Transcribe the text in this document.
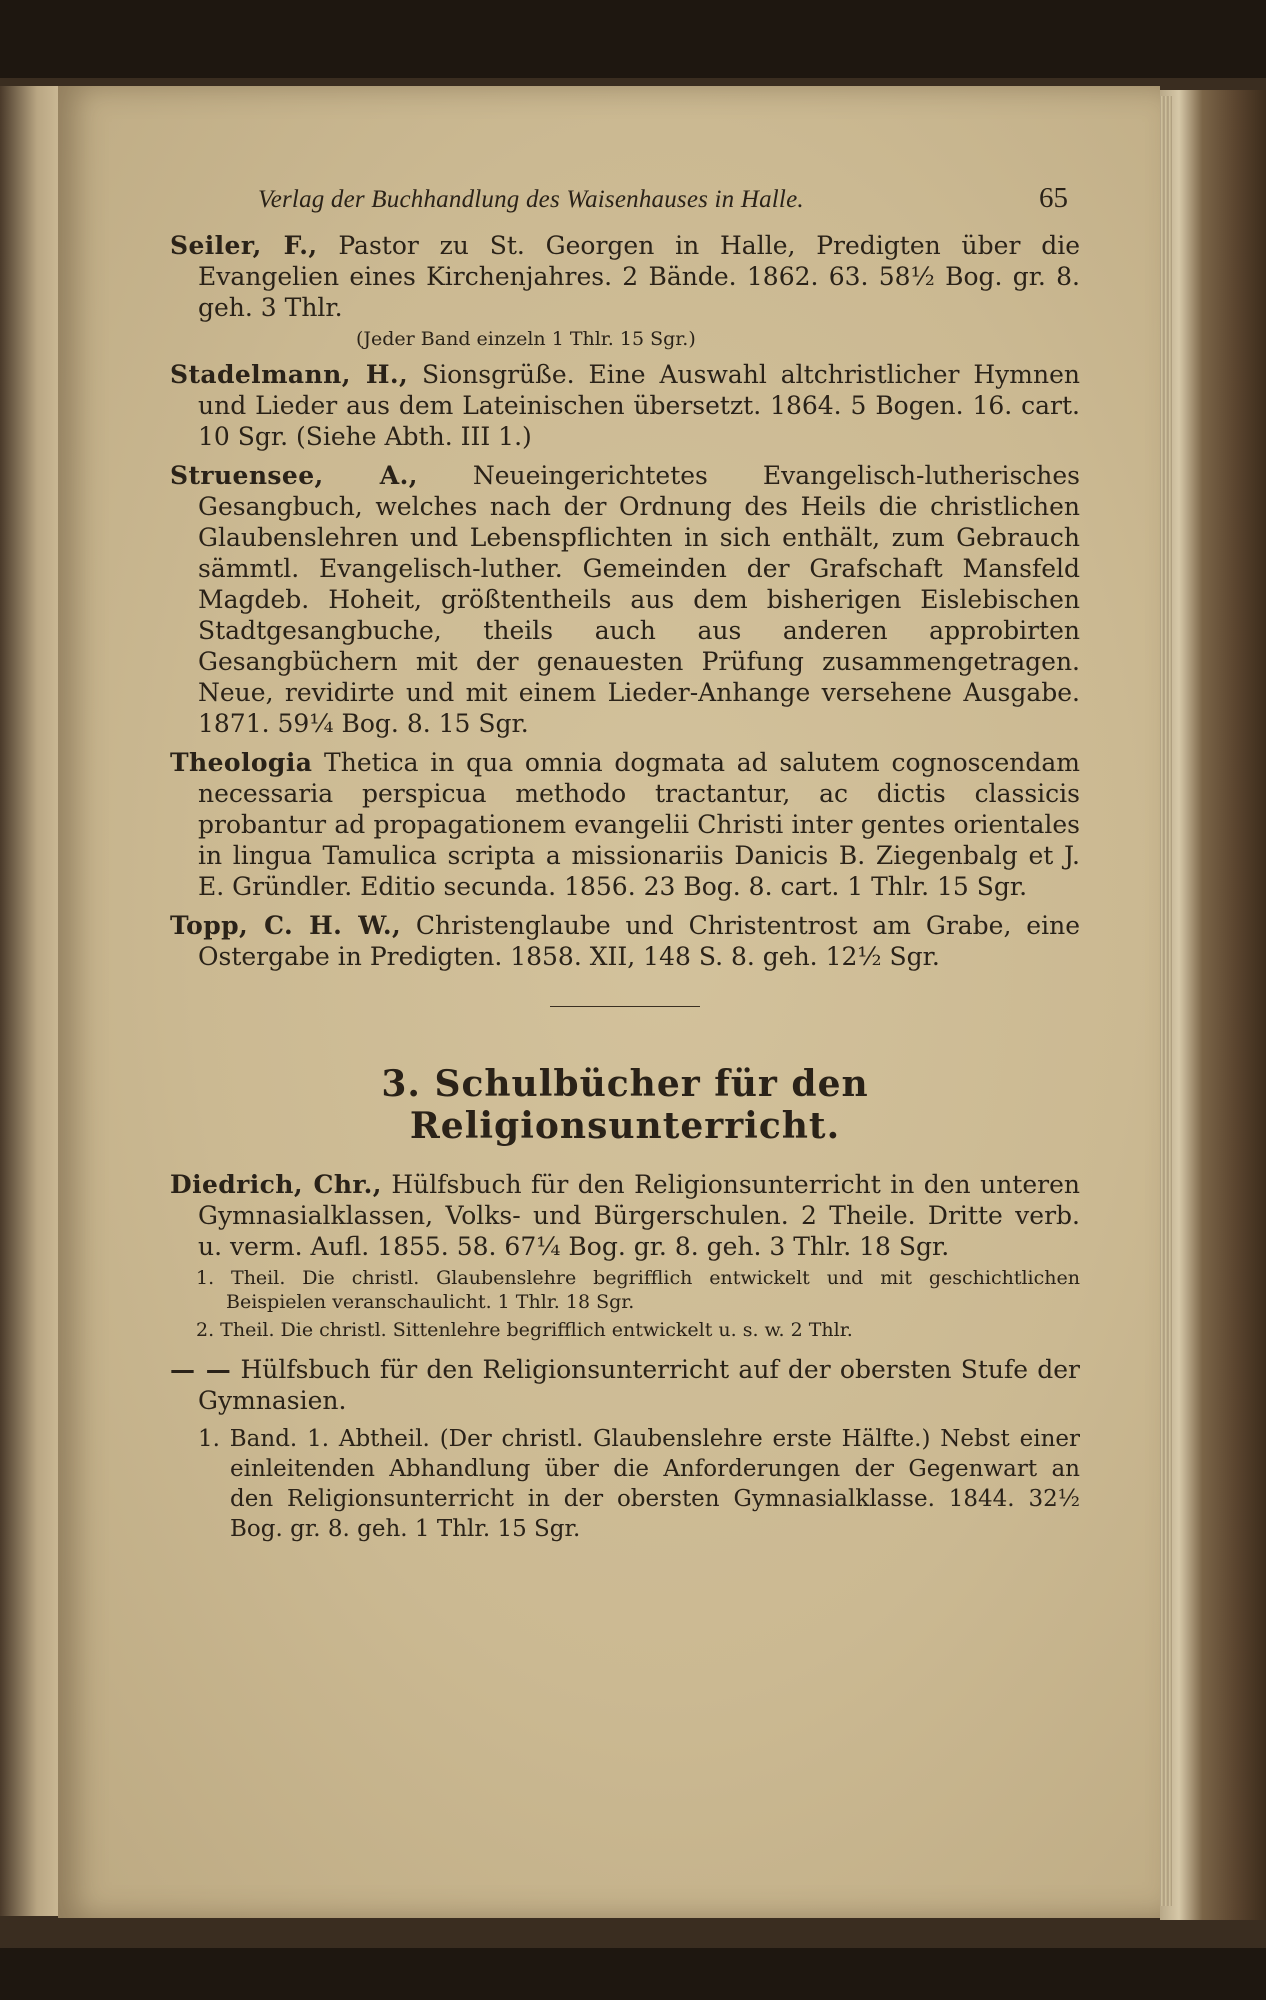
Verlag der Buchhandlung des Waisenhauses in Halle.	65
Seiler, F., Pastor zu St. Georgen in Halle, Predigten über die Evangelien eines Kirchenjahres. 2 Bände. 1862. 63. 58½ Bog. gr. 8. geh. 3 Thlr.
(Jeder Band einzeln 1 Thlr. 15 Sgr.)
Stadelmann, H., Sionsgrüße. Eine Auswahl altchristlicher Hymnen und Lieder aus dem Lateinischen übersetzt. 1864. 5 Bogen. 16. cart. 10 Sgr. (Siehe Abth. III 1.)
Struensee, A., Neueingerichtetes Evangelisch-lutherisches Gesangbuch, welches nach der Ordnung des Heils die christlichen Glaubenslehren und Lebenspflichten in sich enthält, zum Gebrauch sämmtl. Evangelisch-luther. Gemeinden der Grafschaft Mansfeld Magdeb. Hoheit, größtentheils aus dem bisherigen Eislebischen Stadtgesangbuche, theils auch aus anderen approbirten Gesangbüchern mit der genauesten Prüfung zusammengetragen. Neue, revidirte und mit einem Lieder-Anhange versehene Ausgabe. 1871. 59¼ Bog. 8. 15 Sgr.
Theologia Thetica in qua omnia dogmata ad salutem cognoscendam necessaria perspicua methodo tractantur, ac dictis classicis probantur ad propagationem evangelii Christi inter gentes orientales in lingua Tamulica scripta a missionariis Danicis B. Ziegenbalg et J. E. Gründler. Editio secunda. 1856. 23 Bog. 8. cart. 1 Thlr. 15 Sgr.
Topp, C. H. W., Christenglaube und Christentrost am Grabe, eine Ostergabe in Predigten. 1858. XII, 148 S. 8. geh. 12½ Sgr.
3. Schulbücher für den Religionsunterricht.
Diedrich, Chr., Hülfsbuch für den Religionsunterricht in den unteren Gymnasialklassen, Volks- und Bürgerschulen. 2 Theile. Dritte verb. u. verm. Aufl. 1855. 58. 67¼ Bog. gr. 8. geh. 3 Thlr. 18 Sgr.
1. Theil. Die christl. Glaubenslehre begrifflich entwickelt und mit geschichtlichen Beispielen veranschaulicht. 1 Thlr. 18 Sgr.
2. Theil. Die christl. Sittenlehre begrifflich entwickelt u. s. w. 2 Thlr.
— — Hülfsbuch für den Religionsunterricht auf der obersten Stufe der Gymnasien.
1. Band. 1. Abtheil. (Der christl. Glaubenslehre erste Hälfte.) Nebst einer einleitenden Abhandlung über die Anforderungen der Gegenwart an den Religionsunterricht in der obersten Gymnasialklasse. 1844. 32½ Bog. gr. 8. geh. 1 Thlr. 15 Sgr.
